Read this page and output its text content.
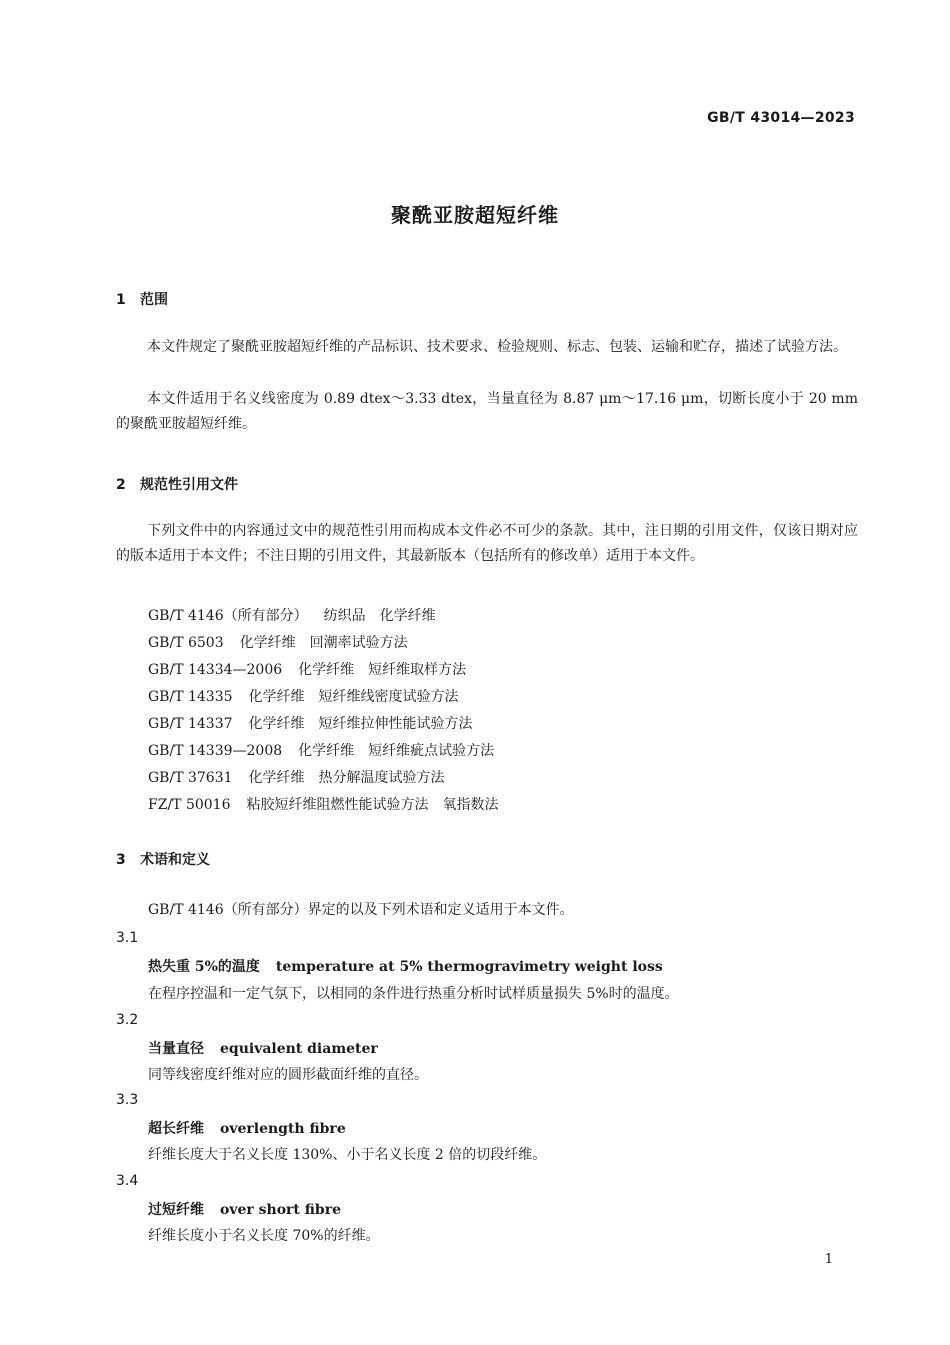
GB/T 43014—2023
聚酰亚胺超短纤维
1 范围
本文件规定了聚酰亚胺超短纤维的产品标识、技术要求、检验规则、标志、包装、运输和贮存，描述了试验方法。
本文件适用于名义线密度为 0.89 dtex～3.33 dtex，当量直径为 8.87 μm～17.16 μm，切断长度小于 20 mm 的聚酰亚胺超短纤维。
2 规范性引用文件
下列文件中的内容通过文中的规范性引用而构成本文件必不可少的条款。其中，注日期的引用文件，仅该日期对应的版本适用于本文件；不注日期的引用文件，其最新版本（包括所有的修改单）适用于本文件。
GB/T 4146（所有部分） 纺织品　化学纤维
GB/T 6503 化学纤维　回潮率试验方法
GB/T 14334—2006 化学纤维　短纤维取样方法
GB/T 14335 化学纤维　短纤维线密度试验方法
GB/T 14337 化学纤维　短纤维拉伸性能试验方法
GB/T 14339—2008 化学纤维　短纤维疵点试验方法
GB/T 37631 化学纤维　热分解温度试验方法
FZ/T 50016 粘胶短纤维阻燃性能试验方法　氧指数法
3 术语和定义
GB/T 4146（所有部分）界定的以及下列术语和定义适用于本文件。
3.1
热失重 5%的温度 temperature at 5% thermogravimetry weight loss
在程序控温和一定气氛下，以相同的条件进行热重分析时试样质量损失 5%时的温度。
3.2
当量直径 equivalent diameter
同等线密度纤维对应的圆形截面纤维的直径。
3.3
超长纤维 overlength fibre
纤维长度大于名义长度 130%、小于名义长度 2 倍的切段纤维。
3.4
过短纤维 over short fibre
纤维长度小于名义长度 70%的纤维。
1
